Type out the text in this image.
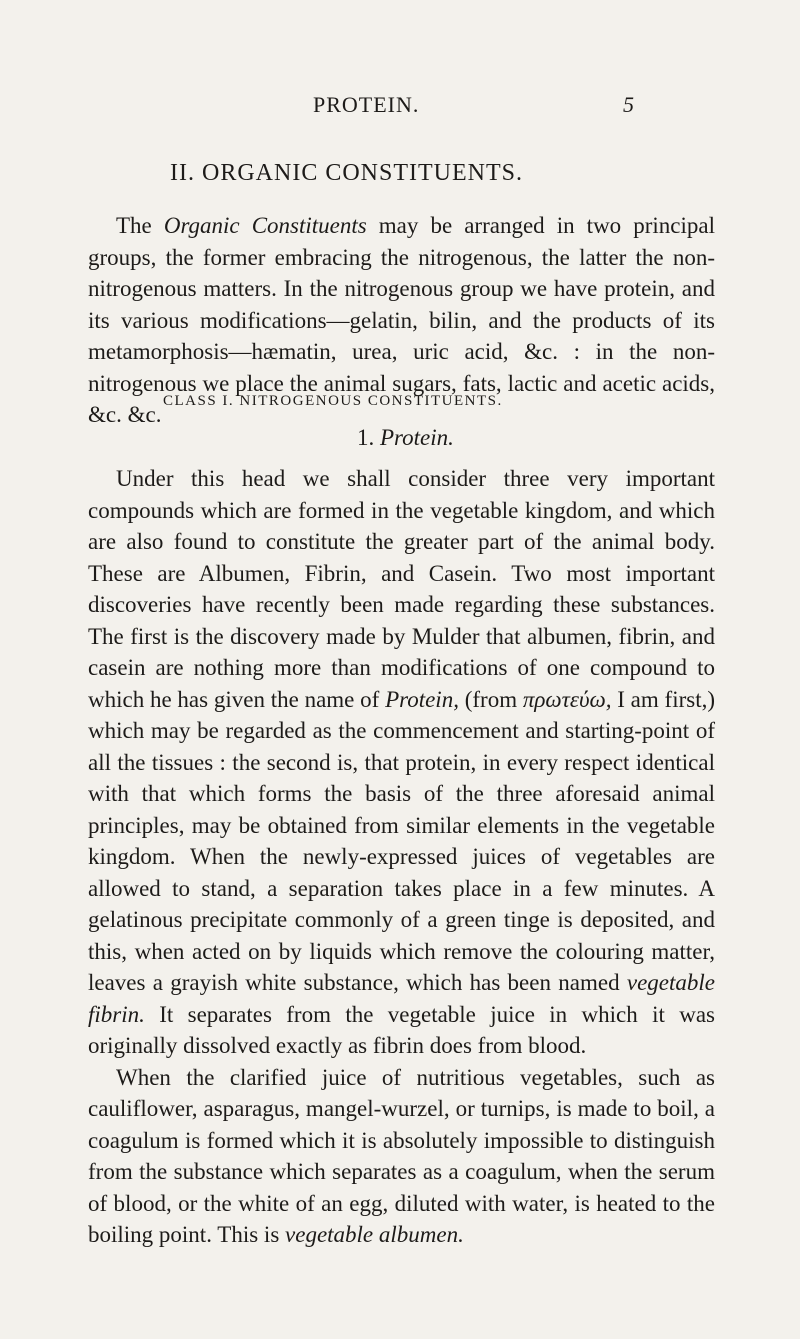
PROTEIN.	5
II. ORGANIC CONSTITUENTS.

The Organic Constituents may be arranged in two principal groups, the former embracing the nitrogenous, the latter the non-nitrogenous matters. In the nitrogenous group we have protein, and its various modifications—gelatin, bilin, and the products of its metamorphosis—hæmatin, urea, uric acid, &c. : in the non-nitrogenous we place the animal sugars, fats, lactic and acetic acids, &c. &c.

CLASS I. NITROGENOUS CONSTITUENTS.
1. Protein.

Under this head we shall consider three very important compounds which are formed in the vegetable kingdom, and which are also found to constitute the greater part of the animal body. These are Albumen, Fibrin, and Casein. Two most important discoveries have recently been made regarding these substances. The first is the discovery made by Mulder that albumen, fibrin, and casein are nothing more than modifications of one compound to which he has given the name of Protein, (from πρωτεύω, I am first,) which may be regarded as the commencement and starting-point of all the tissues : the second is, that protein, in every respect identical with that which forms the basis of the three aforesaid animal principles, may be obtained from similar elements in the vegetable kingdom. When the newly-expressed juices of vegetables are allowed to stand, a separation takes place in a few minutes. A gelatinous precipitate commonly of a green tinge is deposited, and this, when acted on by liquids which remove the colouring matter, leaves a grayish white substance, which has been named vegetable fibrin. It separates from the vegetable juice in which it was originally dissolved exactly as fibrin does from blood.

When the clarified juice of nutritious vegetables, such as cauliflower, asparagus, mangel-wurzel, or turnips, is made to boil, a coagulum is formed which it is absolutely impossible to distinguish from the substance which separates as a coagulum, when the serum of blood, or the white of an egg, diluted with water, is heated to the boiling point. This is vegetable albumen.
